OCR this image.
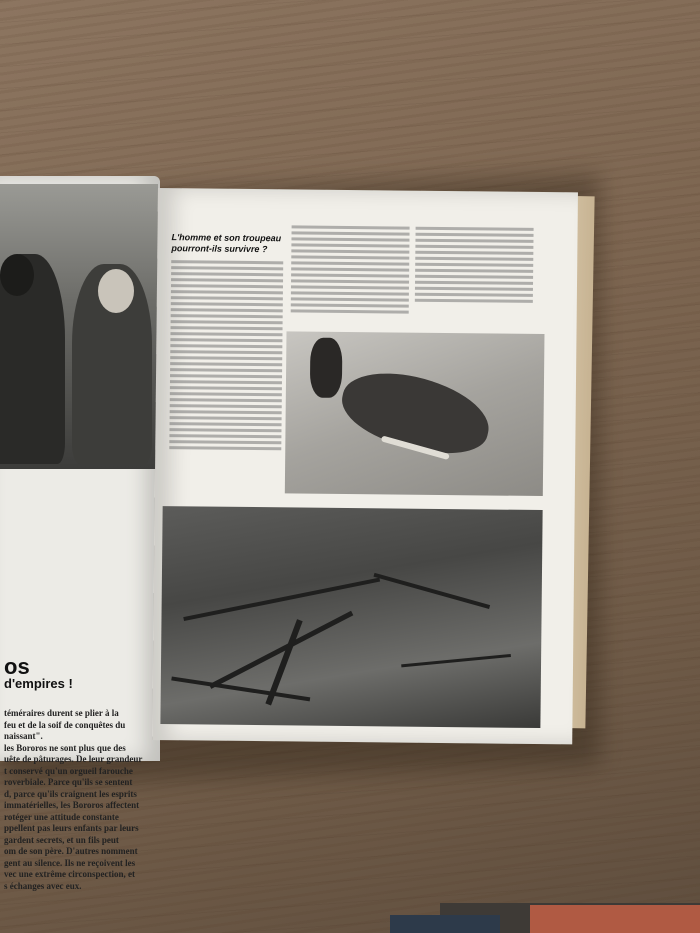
os
d'empires !
téméraires durent se plier à la
feu et de la soif de conquêtes du
naissant".
les Bororos ne sont plus que des
uête de pâturages. De leur grandeur
t conservé qu'un orgueil farouche
roverbiale. Parce qu'ils se sentent
d, parce qu'ils craignent les esprits
immatérielles, les Bororos affectent
rotéger une attitude constante
ppellent pas leurs enfants par leurs
gardent secrets, et un fils peut
om de son père. D'autres nomment
gent au silence. Ils ne reçoivent les
vec une extrême circonspection, et
s échanges avec eux.
L'homme et son troupeau pourront-ils survivre ?
